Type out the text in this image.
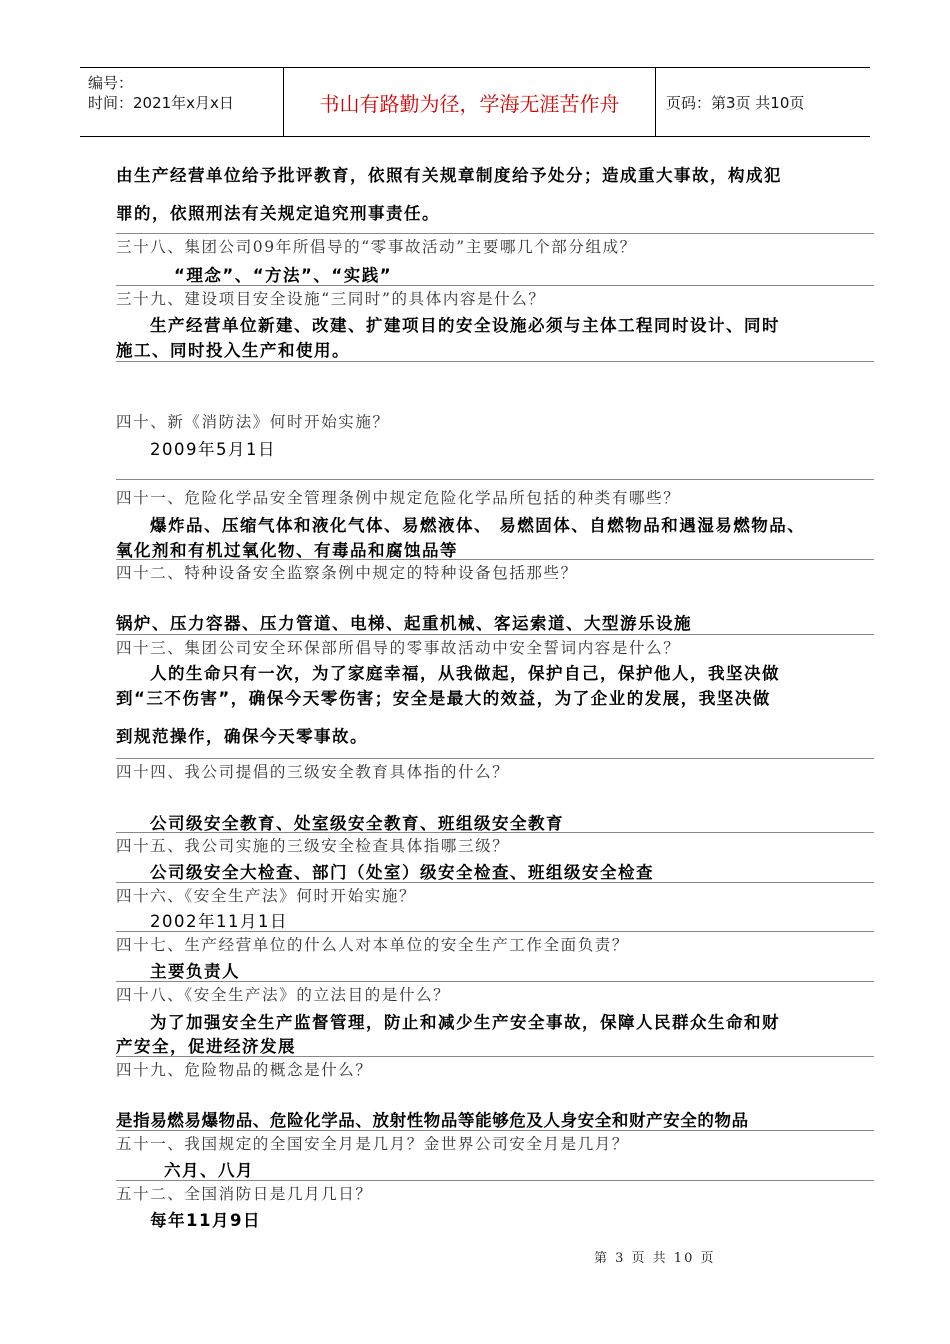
编号：
时间：2021年x月x日	书山有路勤为径，学海无涯苦作舟	页码：第3页 共10页
由生产经营单位给予批评教育，依照有关规章制度给予处分；造成重大事故，构成犯
罪的，依照刑法有关规定追究刑事责任。
三十八、集团公司09年所倡导的“零事故活动”主要哪几个部分组成？
“理念”、“方法”、“实践”
三十九、建设项目安全设施“三同时”的具体内容是什么？
生产经营单位新建、改建、扩建项目的安全设施必须与主体工程同时设计、同时
施工、同时投入生产和使用。
四十、新《消防法》何时开始实施？
2009年5月1日
四十一、危险化学品安全管理条例中规定危险化学品所包括的种类有哪些？
爆炸品、压缩气体和液化气体、易燃液体、 易燃固体、自燃物品和遇湿易燃物品、
氧化剂和有机过氧化物、有毒品和腐蚀品等
四十二、特种设备安全监察条例中规定的特种设备包括那些？
锅炉、压力容器、压力管道、电梯、起重机械、客运索道、大型游乐设施
四十三、集团公司安全环保部所倡导的零事故活动中安全誓词内容是什么？
人的生命只有一次，为了家庭幸福，从我做起，保护自己，保护他人，我坚决做
到“三不伤害”，确保今天零伤害；安全是最大的效益，为了企业的发展，我坚决做
到规范操作，确保今天零事故。
四十四、我公司提倡的三级安全教育具体指的什么？
公司级安全教育、处室级安全教育、班组级安全教育
四十五、我公司实施的三级安全检查具体指哪三级？
公司级安全大检查、部门（处室）级安全检查、班组级安全检查
四十六、《安全生产法》何时开始实施？
2002年11月1日
四十七、生产经营单位的什么人对本单位的安全生产工作全面负责？
主要负责人
四十八、《安全生产法》的立法目的是什么？
为了加强安全生产监督管理，防止和减少生产安全事故，保障人民群众生命和财
产安全，促进经济发展
四十九、危险物品的概念是什么？
是指易燃易爆物品、危险化学品、放射性物品等能够危及人身安全和财产安全的物品
五十一、我国规定的全国安全月是几月？金世界公司安全月是几月？
六月、八月
五十二、全国消防日是几月几日？
每年11月9日
第 3 页 共 10 页
